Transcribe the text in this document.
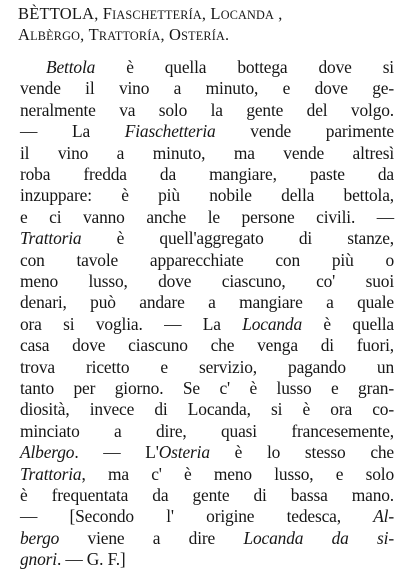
BÈTTOLA, FIASCHETTERÍA, LOCANDA ,
ALBÈRGO, TRATTORÍA, OSTERÍA.
Bettola è quella bottega dove si
vende il vino a minuto, e dove ge-
neralmente va solo la gente del volgo.
— La Fiaschetteria vende parimente
il vino a minuto, ma vende altresì
roba fredda da mangiare, paste da
inzuppare: è più nobile della bettola,
e ci vanno anche le persone civili. —
Trattoria è quell'aggregato di stanze,
con tavole apparecchiate con più o
meno lusso, dove ciascuno, co' suoi
denari, può andare a mangiare a quale
ora si voglia. — La Locanda è quella
casa dove ciascuno che venga di fuori,
trova ricetto e servizio, pagando un
tanto per giorno. Se c' è lusso e gran-
diosità, invece di Locanda, si è ora co-
minciato a dire, quasi francesemente,
Albergo. — L'Osteria è lo stesso che
Trattoria, ma c' è meno lusso, e solo
è frequentata da gente di bassa mano.
— [Secondo l' origine tedesca, Al-
bergo viene a dire Locanda da si-
gnori. — G. F.]
